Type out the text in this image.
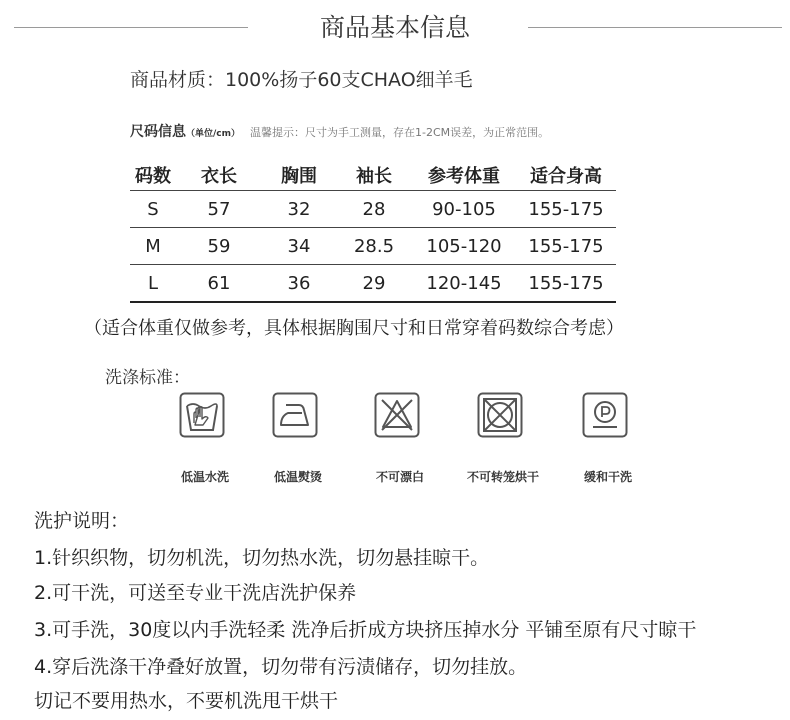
商品基本信息
商品材质：100%扬子60支CHAO细羊毛
尺码信息（单位/cm） 温馨提示：尺寸为手工测量，存在1-2CM误差，为正常范围。
码数	衣长	胸围	袖长	参考体重	适合身高
S	57	32	28	90-105	155-175
M	59	34	28.5	105-120	155-175
L	61	36	29	120-145	155-175
（适合体重仅做参考，具体根据胸围尺寸和日常穿着码数综合考虑）
洗涤标准：
低温水洗	低温熨烫	不可漂白	不可转笼烘干	缓和干洗
洗护说明：
1.针织织物，切勿机洗，切勿热水洗，切勿悬挂晾干。
2.可干洗，可送至专业干洗店洗护保养
3.可手洗，30度以内手洗轻柔 洗净后折成方块挤压掉水分 平铺至原有尺寸晾干
4.穿后洗涤干净叠好放置，切勿带有污渍储存，切勿挂放。
切记不要用热水，不要机洗甩干烘干
